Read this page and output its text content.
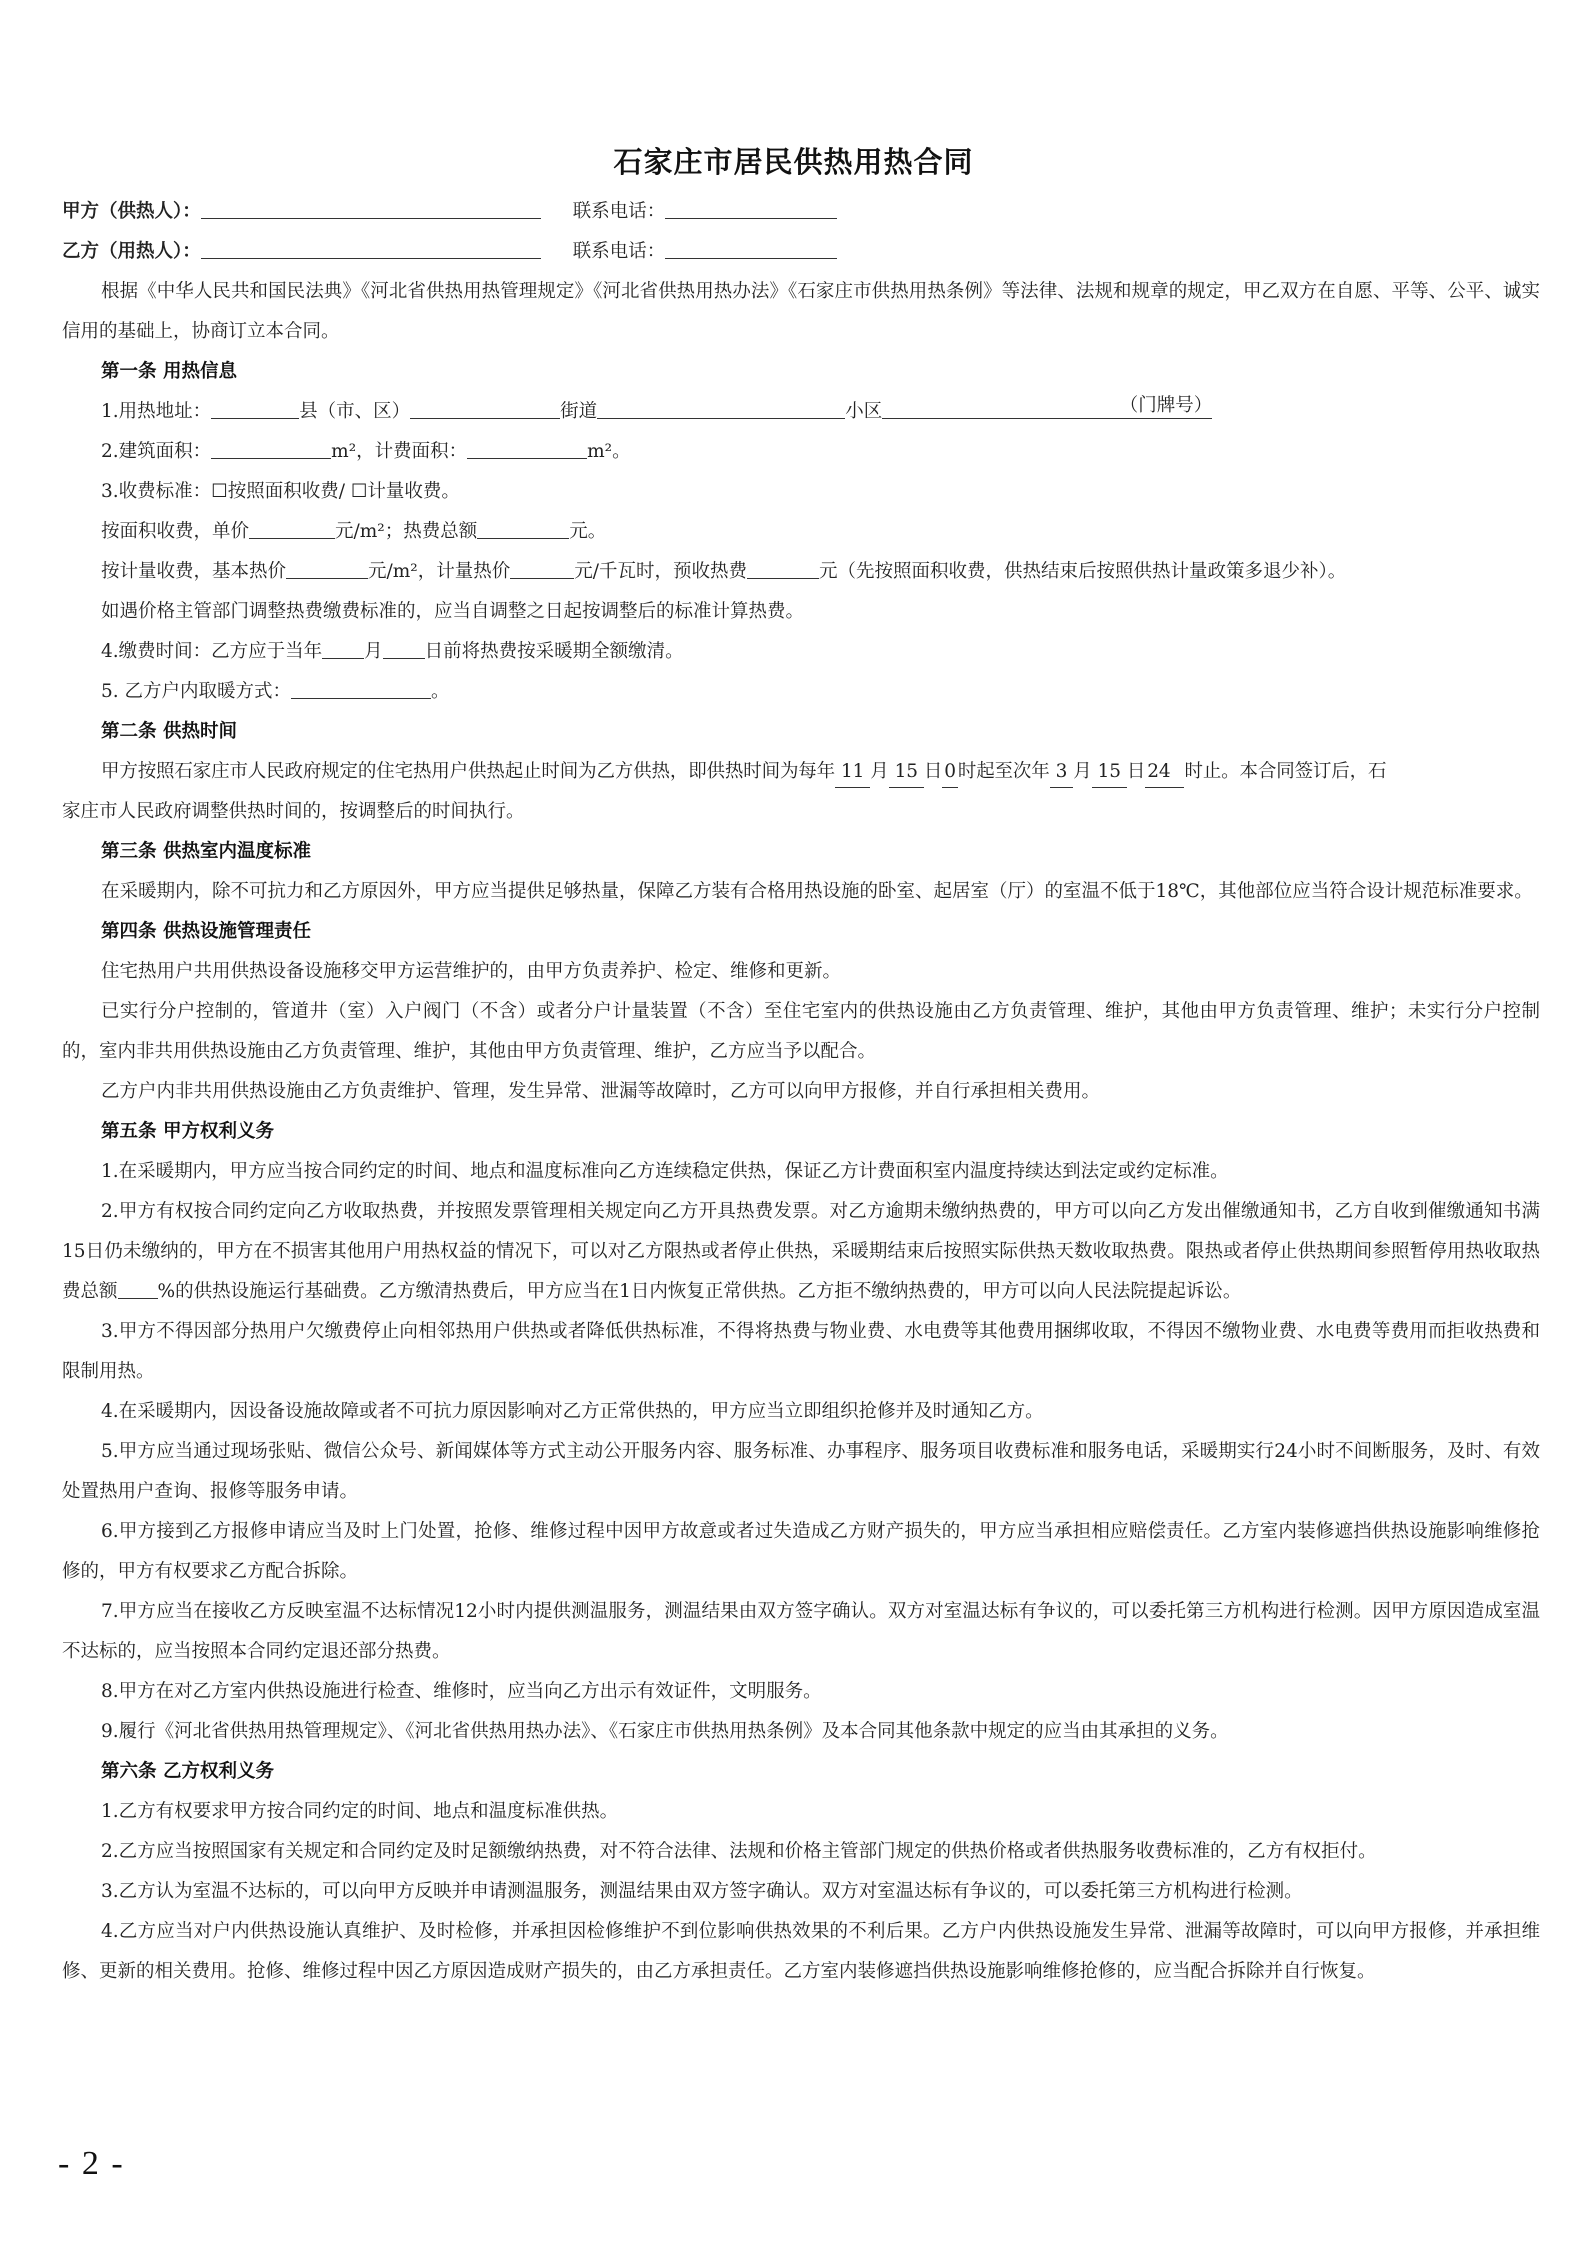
石家庄市居民供热用热合同
甲方（供热人）：	联系电话：
乙方（用热人）：	联系电话：
根据《中华人民共和国民法典》《河北省供热用热管理规定》《河北省供热用热办法》《石家庄市供热用热条例》等法律、法规和规章的规定，甲乙双方在自愿、平等、公平、诚实信用的基础上，协商订立本合同。
第一条 用热信息
1.用热地址：	县（市、区）	街道	小区	（门牌号）
2.建筑面积：	m²，计费面积：	m²。
3.收费标准：☐按照面积收费/ ☐计量收费。
按面积收费，单价	元/m²；热费总额	元。
按计量收费，基本热价	元/m²，计量热价	元/千瓦时，预收热费	元（先按照面积收费，供热结束后按照供热计量政策多退少补）。
如遇价格主管部门调整热费缴费标准的，应当自调整之日起按调整后的标准计算热费。
4.缴费时间：乙方应于当年 月 日前将热费按采暖期全额缴清。
5. 乙方户内取暖方式：	。
第二条 供热时间
甲方按照石家庄市人民政府规定的住宅热用户供热起止时间为乙方供热，即供热时间为每年 11 月 15 日 0 时起至次年 3 月 15 日 24 时止。本合同签订后，石
家庄市人民政府调整供热时间的，按调整后的时间执行。
第三条 供热室内温度标准
在采暖期内，除不可抗力和乙方原因外，甲方应当提供足够热量，保障乙方装有合格用热设施的卧室、起居室（厅）的室温不低于18℃，其他部位应当符合设计规范标准要求。
第四条 供热设施管理责任
住宅热用户共用供热设备设施移交甲方运营维护的，由甲方负责养护、检定、维修和更新。
已实行分户控制的，管道井（室）入户阀门（不含）或者分户计量装置（不含）至住宅室内的供热设施由乙方负责管理、维护，其他由甲方负责管理、维护；未实行分户控制的，室内非共用供热设施由乙方负责管理、维护，其他由甲方负责管理、维护，乙方应当予以配合。
乙方户内非共用供热设施由乙方负责维护、管理，发生异常、泄漏等故障时，乙方可以向甲方报修，并自行承担相关费用。
第五条 甲方权利义务
1.在采暖期内，甲方应当按合同约定的时间、地点和温度标准向乙方连续稳定供热，保证乙方计费面积室内温度持续达到法定或约定标准。
2.甲方有权按合同约定向乙方收取热费，并按照发票管理相关规定向乙方开具热费发票。对乙方逾期未缴纳热费的，甲方可以向乙方发出催缴通知书，乙方自收到催缴通知书满15日仍未缴纳的，甲方在不损害其他用户用热权益的情况下，可以对乙方限热或者停止供热，采暖期结束后按照实际供热天数收取热费。限热或者停止供热期间参照暂停用热收取热费总额 %的供热设施运行基础费。乙方缴清热费后，甲方应当在1日内恢复正常供热。乙方拒不缴纳热费的，甲方可以向人民法院提起诉讼。
3.甲方不得因部分热用户欠缴费停止向相邻热用户供热或者降低供热标准，不得将热费与物业费、水电费等其他费用捆绑收取，不得因不缴物业费、水电费等费用而拒收热费和限制用热。
4.在采暖期内，因设备设施故障或者不可抗力原因影响对乙方正常供热的，甲方应当立即组织抢修并及时通知乙方。
5.甲方应当通过现场张贴、微信公众号、新闻媒体等方式主动公开服务内容、服务标准、办事程序、服务项目收费标准和服务电话，采暖期实行24小时不间断服务，及时、有效处置热用户查询、报修等服务申请。
6.甲方接到乙方报修申请应当及时上门处置，抢修、维修过程中因甲方故意或者过失造成乙方财产损失的，甲方应当承担相应赔偿责任。乙方室内装修遮挡供热设施影响维修抢修的，甲方有权要求乙方配合拆除。
7.甲方应当在接收乙方反映室温不达标情况12小时内提供测温服务，测温结果由双方签字确认。双方对室温达标有争议的，可以委托第三方机构进行检测。因甲方原因造成室温不达标的，应当按照本合同约定退还部分热费。
8.甲方在对乙方室内供热设施进行检查、维修时，应当向乙方出示有效证件，文明服务。
9.履行《河北省供热用热管理规定》、《河北省供热用热办法》、《石家庄市供热用热条例》及本合同其他条款中规定的应当由其承担的义务。
第六条 乙方权利义务
1.乙方有权要求甲方按合同约定的时间、地点和温度标准供热。
2.乙方应当按照国家有关规定和合同约定及时足额缴纳热费，对不符合法律、法规和价格主管部门规定的供热价格或者供热服务收费标准的，乙方有权拒付。
3.乙方认为室温不达标的，可以向甲方反映并申请测温服务，测温结果由双方签字确认。双方对室温达标有争议的，可以委托第三方机构进行检测。
4.乙方应当对户内供热设施认真维护、及时检修，并承担因检修维护不到位影响供热效果的不利后果。乙方户内供热设施发生异常、泄漏等故障时，可以向甲方报修，并承担维修、更新的相关费用。抢修、维修过程中因乙方原因造成财产损失的，由乙方承担责任。乙方室内装修遮挡供热设施影响维修抢修的，应当配合拆除并自行恢复。
- 2 -
